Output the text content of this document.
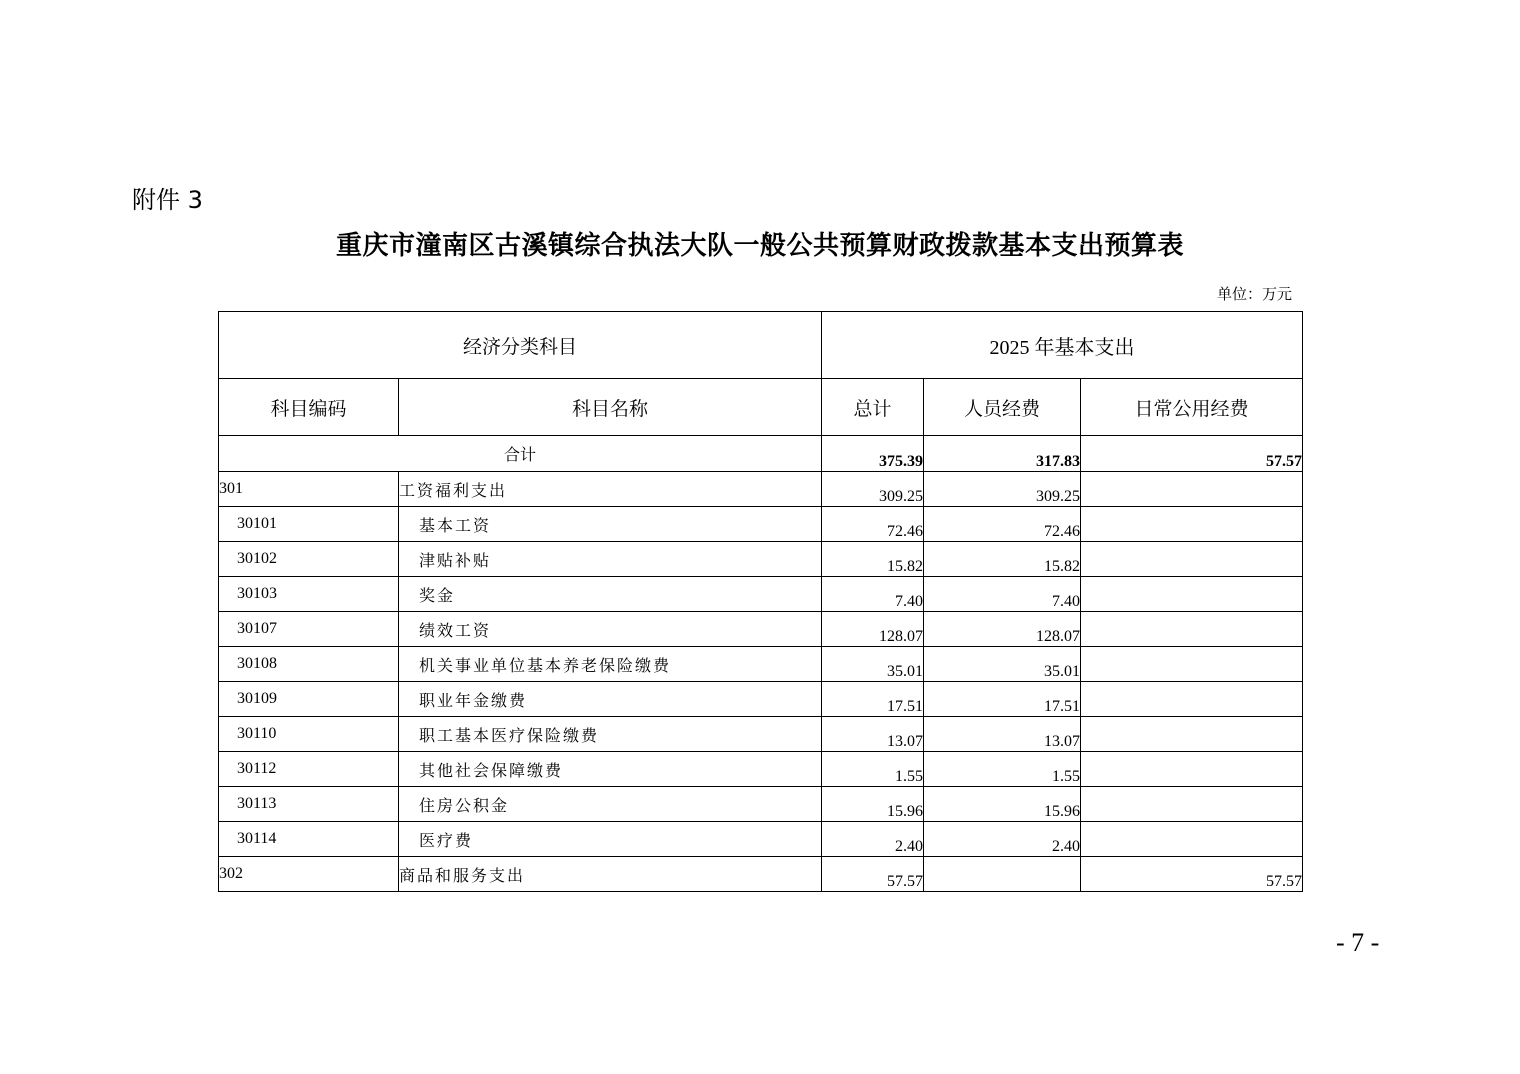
附件 3
重庆市潼南区古溪镇综合执法大队一般公共预算财政拨款基本支出预算表
单位：万元
经济分类科目		2025 年基本支出		
科目编码	科目名称	总计	人员经费	日常公用经费
合计		375.39	317.83	57.57
301	工资福利支出	309.25	309.25	
30101	基本工资	72.46	72.46	
30102	津贴补贴	15.82	15.82	
30103	奖金	7.40	7.40	
30107	绩效工资	128.07	128.07	
30108	机关事业单位基本养老保险缴费	35.01	35.01	
30109	职业年金缴费	17.51	17.51	
30110	职工基本医疗保险缴费	13.07	13.07	
30112	其他社会保障缴费	1.55	1.55	
30113	住房公积金	15.96	15.96	
30114	医疗费	2.40	2.40	
302	商品和服务支出	57.57		57.57
- 7 -
